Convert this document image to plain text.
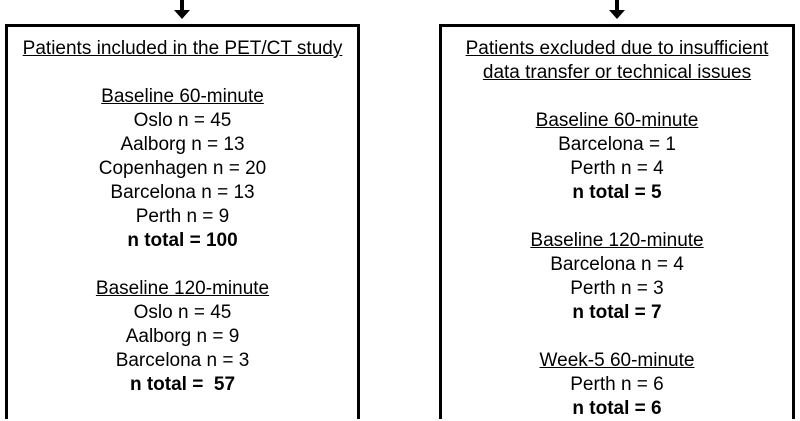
Patients included in the PET/CT study
Baseline 60-minute
Oslo n = 45
Aalborg n = 13
Copenhagen n = 20
Barcelona n = 13
Perth n = 9
n total = 100
Baseline 120-minute
Oslo n = 45
Aalborg n = 9
Barcelona n = 3
n total =  57
Patients excluded due to insufficient
data transfer or technical issues
Baseline 60-minute
Barcelona = 1
Perth n = 4
n total = 5
Baseline 120-minute
Barcelona n = 4
Perth n = 3
n total = 7
Week-5 60-minute
Perth n = 6
n total = 6
